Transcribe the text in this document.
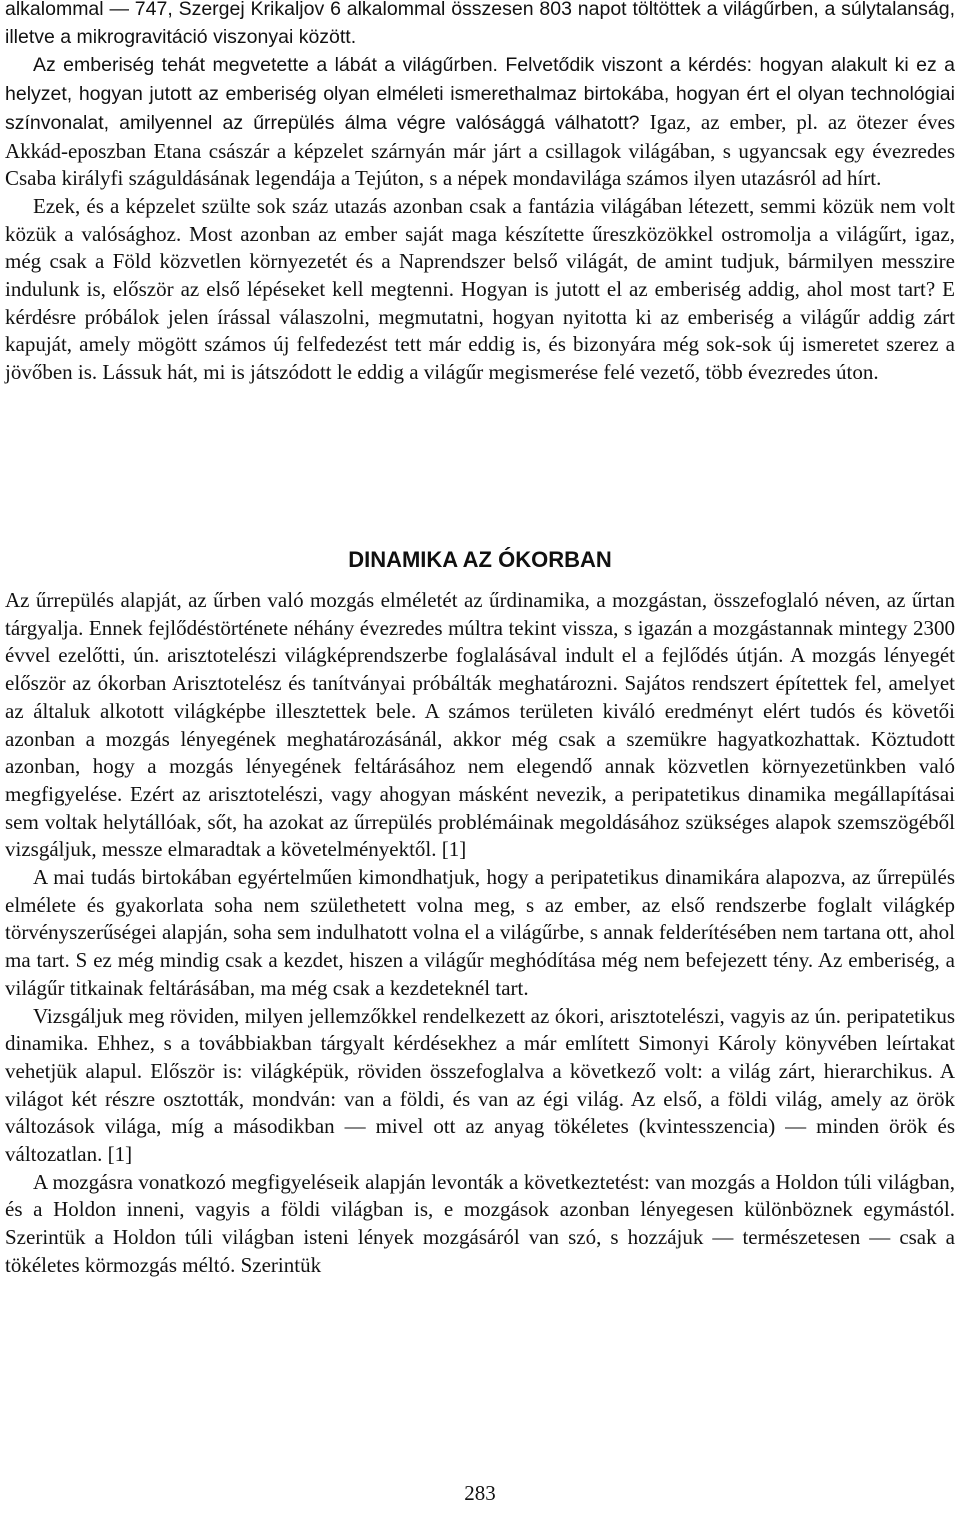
alkalommal — 747, Szergej Krikaljov 6 alkalommal összesen 803 napot töltöttek a világűrben, a súlytalanság, illetve a mikrogravitáció viszonyai között.

Az emberiség tehát megvetette a lábát a világűrben. Felvetődik viszont a kérdés: hogyan alakult ki ez a helyzet, hogyan jutott az emberiség olyan elméleti ismerethalmaz birtokába, hogyan ért el olyan technológiai színvonalat, amilyennel az űrrepülés álma végre valósággá válhatott? Igaz, az ember, pl. az ötezer éves Akkád-eposzban Etana császár a képzelet szárnyán már járt a csillagok világában, s ugyancsak egy évezredes Csaba királyfi száguldásának legendája a Tejúton, s a népek mondavilága számos ilyen utazásról ad hírt.

Ezek, és a képzelet szülte sok száz utazás azonban csak a fantázia világában létezett, semmi közük nem volt közük a valósághoz. Most azonban az ember saját maga készítette űreszközökkel ostromolja a világűrt, igaz, még csak a Föld közvetlen környezetét és a Naprendszer belső világát, de amint tudjuk, bármilyen messzire indulunk is, először az első lépéseket kell megtenni. Hogyan is jutott el az emberiség addig, ahol most tart? E kérdésre próbálok jelen írással válaszolni, megmutatni, hogyan nyitotta ki az emberiség a világűr addig zárt kapuját, amely mögött számos új felfedezést tett már eddig is, és bizonyára még sok-sok új ismeretet szerez a jövőben is. Lássuk hát, mi is játszódott le eddig a világűr megismerése felé vezető, több évezredes úton.

DINAMIKA AZ ÓKORBAN

Az űrrepülés alapját, az űrben való mozgás elméletét az űrdinamika, a mozgástan, összefoglaló néven, az űrtan tárgyalja. Ennek fejlődéstörténete néhány évezredes múltra tekint vissza, s igazán a mozgástannak mintegy 2300 évvel ezelőtti, ún. arisztotelészi világképrendszerbe foglalásával indult el a fejlődés útján. A mozgás lényegét először az ókorban Arisztotelész és tanítványai próbálták meghatározni. Sajátos rendszert építettek fel, amelyet az általuk alkotott világképbe illesztettek bele. A számos területen kiváló eredményt elért tudós és követői azonban a mozgás lényegének meghatározásánál, akkor még csak a szemükre hagyatkozhattak. Köztudott azonban, hogy a mozgás lényegének feltárásához nem elegendő annak közvetlen környezetünkben való megfigyelése. Ezért az arisztotelészi, vagy ahogyan másként nevezik, a peripatetikus dinamika megállapításai sem voltak helytállóak, sőt, ha azokat az űrrepülés problémáinak megoldásához szükséges alapok szemszögéből vizsgáljuk, messze elmaradtak a követelményektől. [1]

A mai tudás birtokában egyértelműen kimondhatjuk, hogy a peripatetikus dinamikára alapozva, az űrrepülés elmélete és gyakorlata soha nem születhetett volna meg, s az ember, az első rendszerbe foglalt világkép törvényszerűségei alapján, soha sem indulhatott volna el a világűrbe, s annak felderítésében nem tartana ott, ahol ma tart. S ez még mindig csak a kezdet, hiszen a világűr meghódítása még nem befejezett tény. Az emberiség, a világűr titkainak feltárásában, ma még csak a kezdeteknél tart.

Vizsgáljuk meg röviden, milyen jellemzőkkel rendelkezett az ókori, arisztotelészi, vagyis az ún. peripatetikus dinamika. Ehhez, s a továbbiakban tárgyalt kérdésekhez a már említett Simonyi Károly könyvében leírtakat vehetjük alapul. Először is: világképük, röviden összefoglalva a következő volt: a világ zárt, hierarchikus. A világot két részre osztották, mondván: van a földi, és van az égi világ. Az első, a földi világ, amely az örök változások világa, míg a másodikban — mivel ott az anyag tökéletes (kvintesszencia) — minden örök és változatlan. [1]

A mozgásra vonatkozó megfigyeléseik alapján levonták a következtetést: van mozgás a Holdon túli világban, és a Holdon inneni, vagyis a földi világban is, e mozgások azonban lényegesen különböznek egymástól. Szerintük a Holdon túli világban isteni lények mozgásáról van szó, s hozzájuk — természetesen — csak a tökéletes körmozgás méltó. Szerintük

283
